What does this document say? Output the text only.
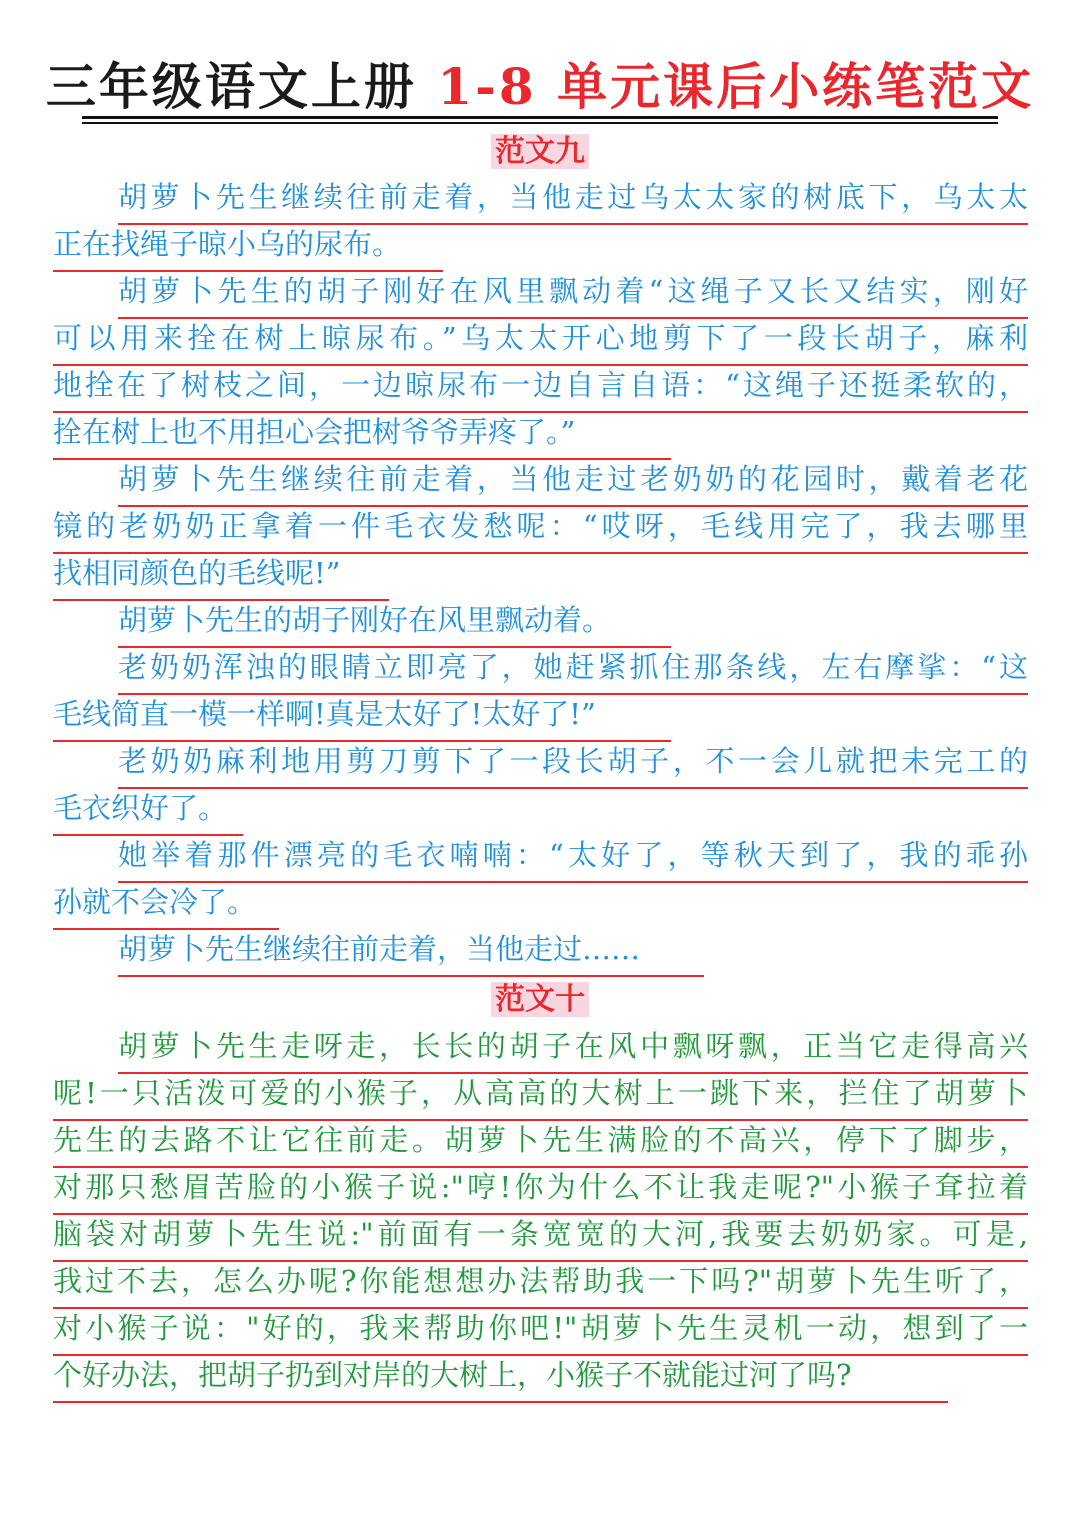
三年级语文上册 1-8 单元课后小练笔范文
范文九
胡萝卜先生继续往前走着，当他走过乌太太家的树底下，乌太太
正在找绳子晾小乌的尿布。
胡萝卜先生的胡子刚好在风里飘动着“这绳子又长又结实，刚好
可以用来拴在树上晾尿布。”乌太太开心地剪下了一段长胡子，麻利
地拴在了树枝之间，一边晾尿布一边自言自语：“这绳子还挺柔软的，
拴在树上也不用担心会把树爷爷弄疼了。”
胡萝卜先生继续往前走着，当他走过老奶奶的花园时，戴着老花
镜的老奶奶正拿着一件毛衣发愁呢：“哎呀，毛线用完了，我去哪里
找相同颜色的毛线呢!”
胡萝卜先生的胡子刚好在风里飘动着。
老奶奶浑浊的眼睛立即亮了，她赶紧抓住那条线，左右摩挲：“这
毛线简直一模一样啊!真是太好了!太好了!”
老奶奶麻利地用剪刀剪下了一段长胡子，不一会儿就把未完工的
毛衣织好了。
她举着那件漂亮的毛衣喃喃：“太好了，等秋天到了，我的乖孙
孙就不会冷了。
胡萝卜先生继续往前走着，当他走过……
范文十
胡萝卜先生走呀走，长长的胡子在风中飘呀飘，正当它走得高兴
呢!一只活泼可爱的小猴子，从高高的大树上一跳下来，拦住了胡萝卜
先生的去路不让它往前走。胡萝卜先生满脸的不高兴，停下了脚步，
对那只愁眉苦脸的小猴子说:"哼!你为什么不让我走呢?"小猴子耷拉着
脑袋对胡萝卜先生说:"前面有一条宽宽的大河,我要去奶奶家。可是,
我过不去，怎么办呢?你能想想办法帮助我一下吗?"胡萝卜先生听了，
对小猴子说："好的，我来帮助你吧!"胡萝卜先生灵机一动，想到了一
个好办法，把胡子扔到对岸的大树上，小猴子不就能过河了吗?
